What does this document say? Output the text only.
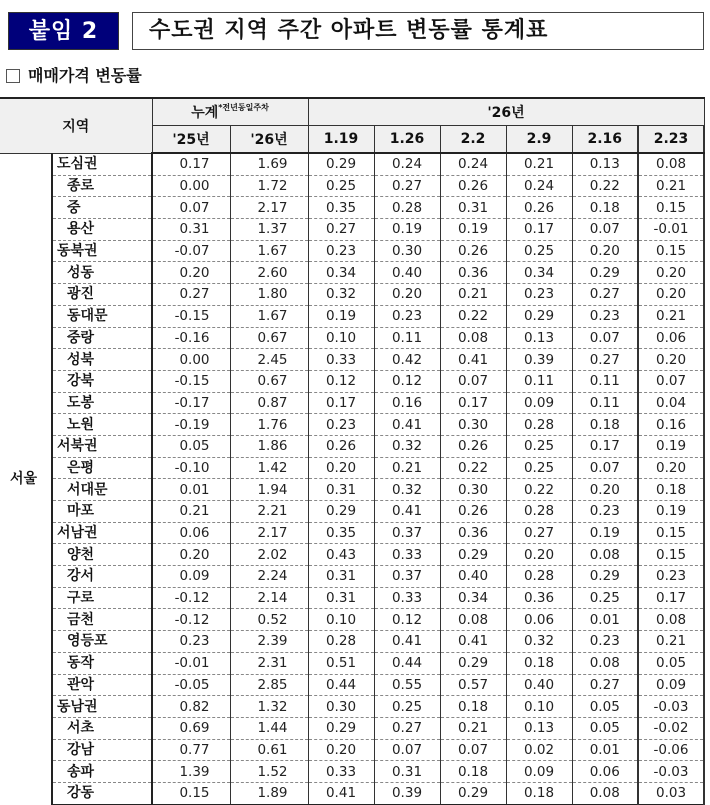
붙임 2	수도권 지역 주간 아파트 변동률 통계표
매매가격 변동률
지역		누계$^{*전년동일주차}$		'26년					
		'25년	'26년	1.19	1.26	2.2	2.9	2.16	2.23
서울	도심권	0.17	1.69	0.29	0.24	0.24	0.21	0.13	0.08
	종로	0.00	1.72	0.25	0.27	0.26	0.24	0.22	0.21
	중	0.07	2.17	0.35	0.28	0.31	0.26	0.18	0.15
	용산	0.31	1.37	0.27	0.19	0.19	0.17	0.07	-0.01
	동북권	-0.07	1.67	0.23	0.30	0.26	0.25	0.20	0.15
	성동	0.20	2.60	0.34	0.40	0.36	0.34	0.29	0.20
	광진	0.27	1.80	0.32	0.20	0.21	0.23	0.27	0.20
	동대문	-0.15	1.67	0.19	0.23	0.22	0.29	0.23	0.21
	중랑	-0.16	0.67	0.10	0.11	0.08	0.13	0.07	0.06
	성북	0.00	2.45	0.33	0.42	0.41	0.39	0.27	0.20
	강북	-0.15	0.67	0.12	0.12	0.07	0.11	0.11	0.07
	도봉	-0.17	0.87	0.17	0.16	0.17	0.09	0.11	0.04
	노원	-0.19	1.76	0.23	0.41	0.30	0.28	0.18	0.16
	서북권	0.05	1.86	0.26	0.32	0.26	0.25	0.17	0.19
	은평	-0.10	1.42	0.20	0.21	0.22	0.25	0.07	0.20
	서대문	0.01	1.94	0.31	0.32	0.30	0.22	0.20	0.18
	마포	0.21	2.21	0.29	0.41	0.26	0.28	0.23	0.19
	서남권	0.06	2.17	0.35	0.37	0.36	0.27	0.19	0.15
	양천	0.20	2.02	0.43	0.33	0.29	0.20	0.08	0.15
	강서	0.09	2.24	0.31	0.37	0.40	0.28	0.29	0.23
	구로	-0.12	2.14	0.31	0.33	0.34	0.36	0.25	0.17
	금천	-0.12	0.52	0.10	0.12	0.08	0.06	0.01	0.08
	영등포	0.23	2.39	0.28	0.41	0.41	0.32	0.23	0.21
	동작	-0.01	2.31	0.51	0.44	0.29	0.18	0.08	0.05
	관악	-0.05	2.85	0.44	0.55	0.57	0.40	0.27	0.09
	동남권	0.82	1.32	0.30	0.25	0.18	0.10	0.05	-0.03
	서초	0.69	1.44	0.29	0.27	0.21	0.13	0.05	-0.02
	강남	0.77	0.61	0.20	0.07	0.07	0.02	0.01	-0.06
	송파	1.39	1.52	0.33	0.31	0.18	0.09	0.06	-0.03
	강동	0.15	1.89	0.41	0.39	0.29	0.18	0.08	0.03
